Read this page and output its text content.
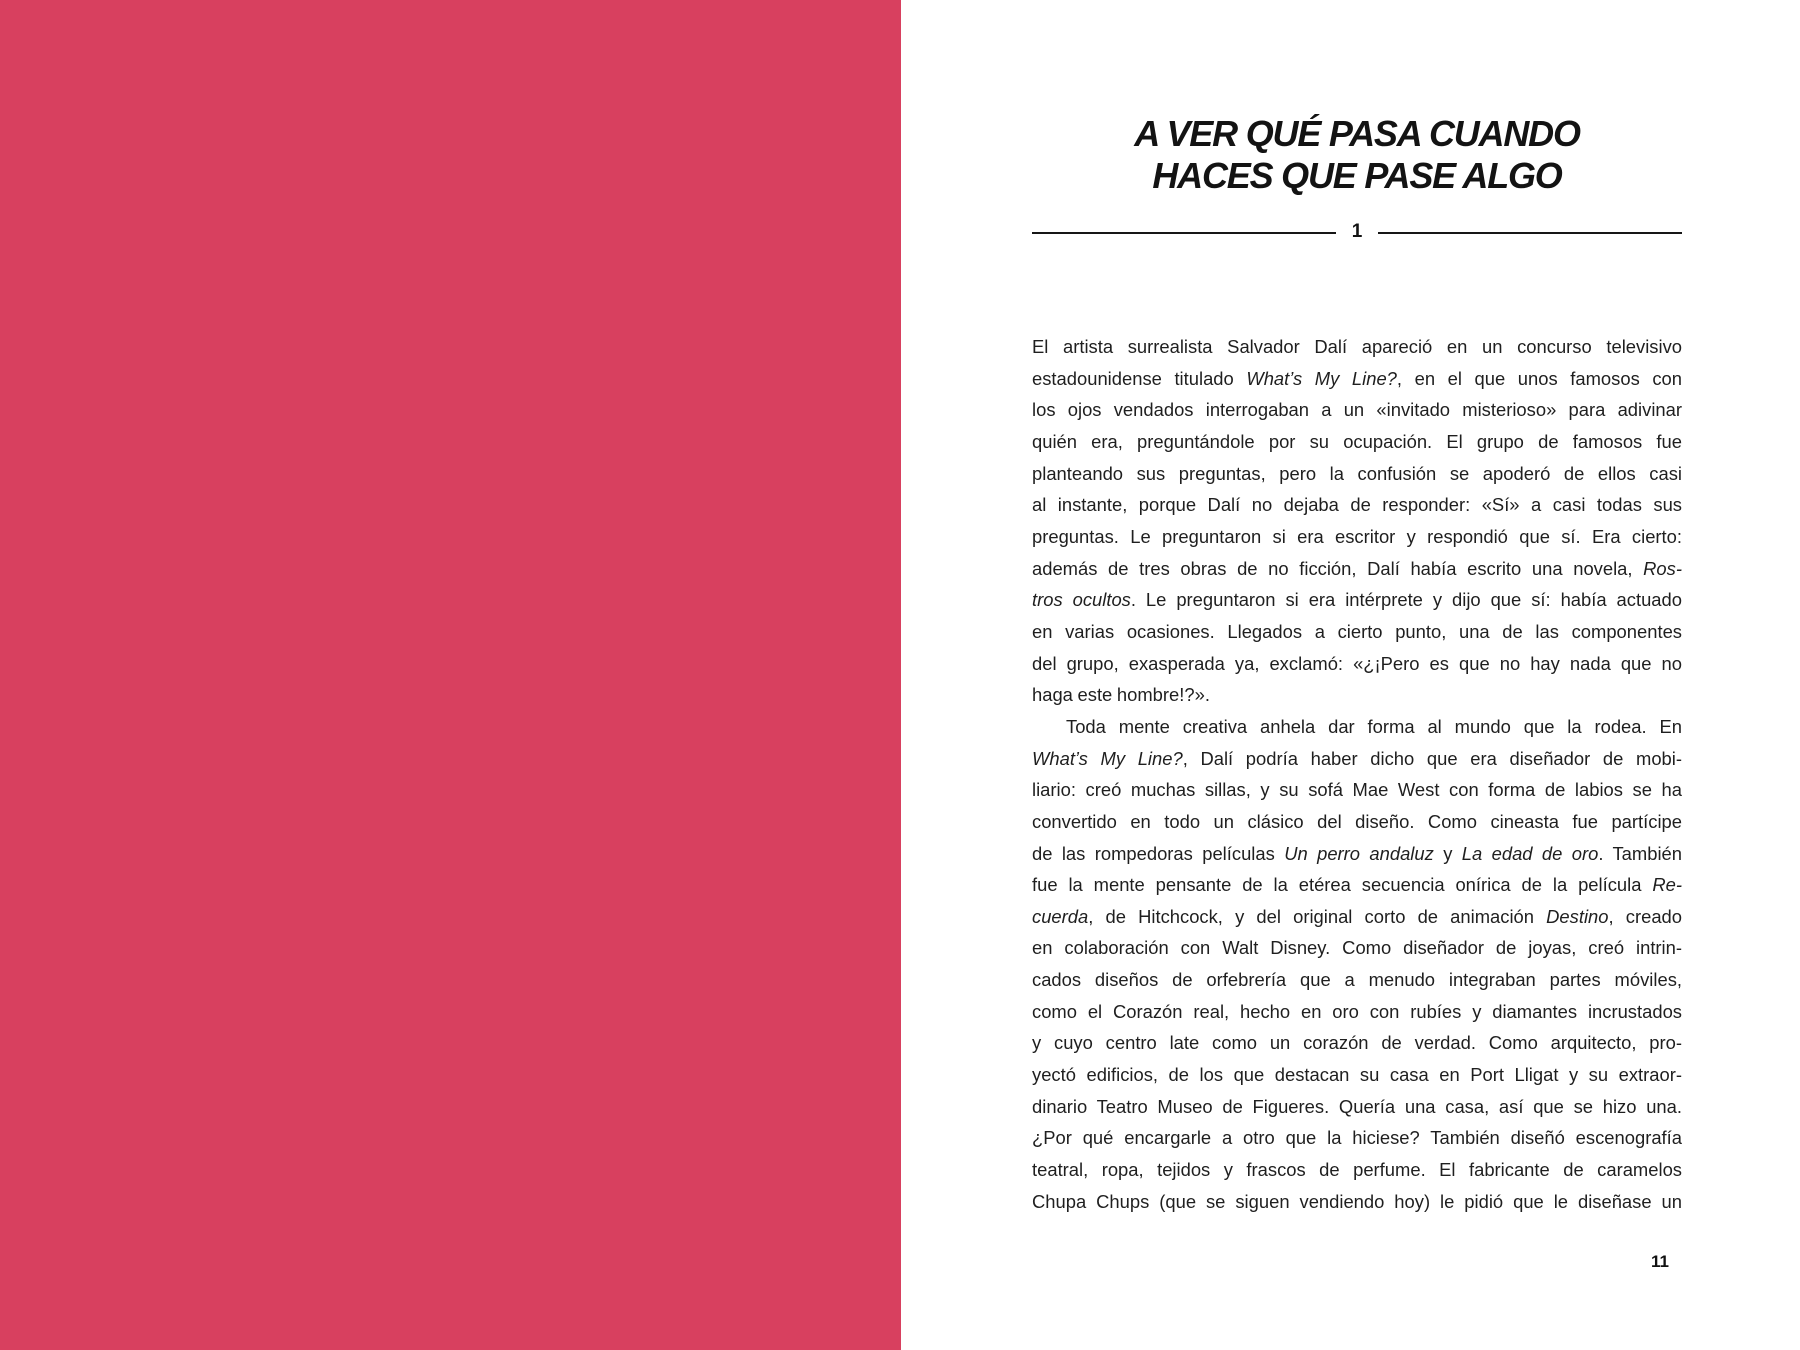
A VER QUÉ PASA CUANDO
HACES QUE PASE ALGO
1
El artista surrealista Salvador Dalí apareció en un concurso televisivo
estadounidense titulado What’s My Line?, en el que unos famosos con
los ojos vendados interrogaban a un «invitado misterioso» para adivinar
quién era, preguntándole por su ocupación. El grupo de famosos fue
planteando sus preguntas, pero la confusión se apoderó de ellos casi
al instante, porque Dalí no dejaba de responder: «Sí» a casi todas sus
preguntas. Le preguntaron si era escritor y respondió que sí. Era cierto:
además de tres obras de no ficción, Dalí había escrito una novela, Ros-
tros ocultos. Le preguntaron si era intérprete y dijo que sí: había actuado
en varias ocasiones. Llegados a cierto punto, una de las componentes
del grupo, exasperada ya, exclamó: «¿¡Pero es que no hay nada que no
haga este hombre!?».
Toda mente creativa anhela dar forma al mundo que la rodea. En
What’s My Line?, Dalí podría haber dicho que era diseñador de mobi-
liario: creó muchas sillas, y su sofá Mae West con forma de labios se ha
convertido en todo un clásico del diseño. Como cineasta fue partícipe
de las rompedoras películas Un perro andaluz y La edad de oro. También
fue la mente pensante de la etérea secuencia onírica de la película Re-
cuerda, de Hitchcock, y del original corto de animación Destino, creado
en colaboración con Walt Disney. Como diseñador de joyas, creó intrin-
cados diseños de orfebrería que a menudo integraban partes móviles,
como el Corazón real, hecho en oro con rubíes y diamantes incrustados
y cuyo centro late como un corazón de verdad. Como arquitecto, pro-
yectó edificios, de los que destacan su casa en Port Lligat y su extraor-
dinario Teatro Museo de Figueres. Quería una casa, así que se hizo una.
¿Por qué encargarle a otro que la hiciese? También diseñó escenografía
teatral, ropa, tejidos y frascos de perfume. El fabricante de caramelos
Chupa Chups (que se siguen vendiendo hoy) le pidió que le diseñase un
11
